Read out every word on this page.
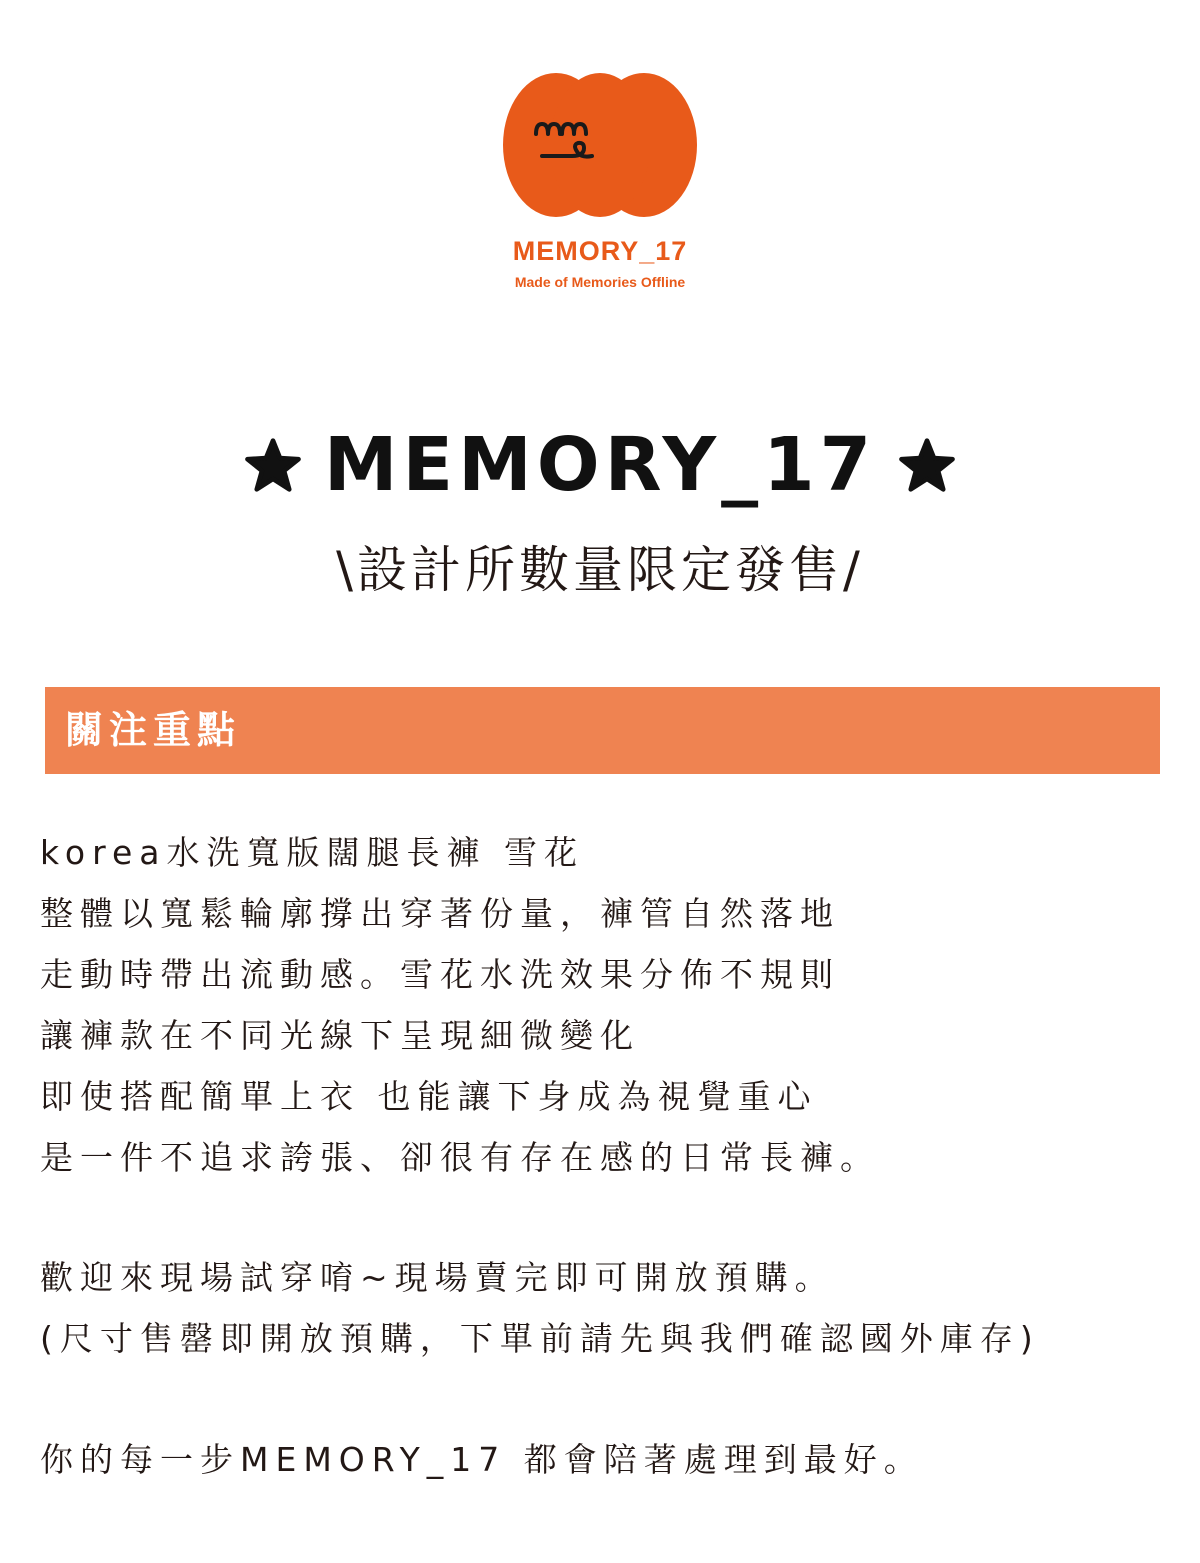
MEMORY_17
Made of Memories Offline
MEMORY_17
\設計所數量限定發售/
關注重點

korea水洗寬版闊腿長褲 雪花

整體以寬鬆輪廓撐出穿著份量，褲管自然落地

走動時帶出流動感。雪花水洗效果分佈不規則

讓褲款在不同光線下呈現細微變化

即使搭配簡單上衣 也能讓下身成為視覺重心

是一件不追求誇張、卻很有存在感的日常長褲。

歡迎來現場試穿唷~現場賣完即可開放預購。

(尺寸售罄即開放預購，下單前請先與我們確認國外庫存)

你的每一步MEMORY_17 都會陪著處理到最好。
